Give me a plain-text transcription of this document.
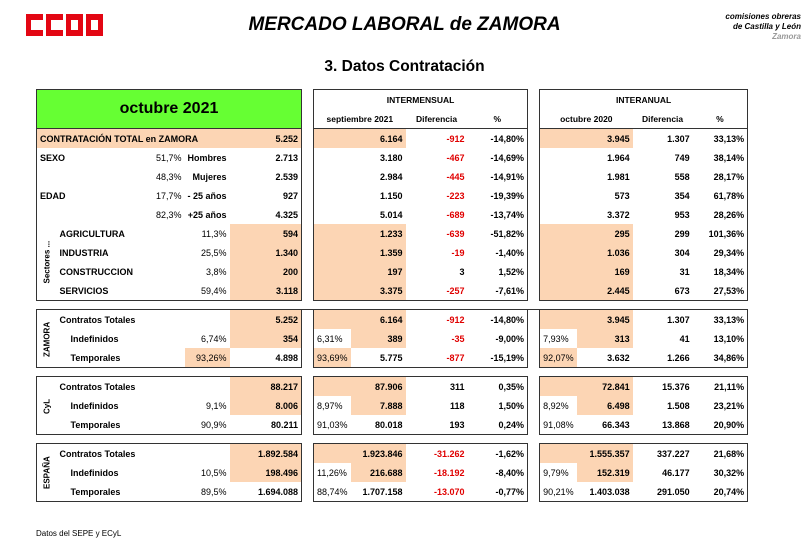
MERCADO LABORAL de ZAMORA	comisiones obreras
de Castilla y León
Zamora
3. Datos Contratación
octubre 2021						INTERMENSUAL					INTERANUAL			
						septiembre 2021		Diferencia	%		octubre 2020		Diferencia	%
CONTRATACIÓN TOTAL en ZAMORA				5.252		6.164		-912	-14,80%		3.945		1.307	33,13%
SEXO		51,7%	Hombres	2.713		3.180		-467	-14,69%		1.964		749	38,14%
		48,3%	Mujeres	2.539		2.984		-445	-14,91%		1.981		558	28,17%
EDAD		17,7%	- 25 años	927		1.150		-223	-19,39%		573		354	61,78%
		82,3%	+25 años	4.325		5.014		-689	-13,74%		3.372		953	28,26%
Sectores ...	AGRICULTURA		11,3%	594		1.233		-639	-51,82%		295		299	101,36%
	INDUSTRIA		25,5%	1.340		1.359		-19	-1,40%		1.036		304	29,34%
	CONSTRUCCION		3,8%	200		197		3	1,52%		169		31	18,34%
	SERVICIOS		59,4%	3.118		3.375		-257	-7,61%		2.445		673	27,53%

ZAMORA	Contratos Totales			5.252		6.164		-912	-14,80%		3.945		1.307	33,13%
	Indefinidos		6,74%	354		6,31%	389	-35	-9,00%		7,93%	313	41	13,10%
	Temporales		93,26%	4.898		93,69%	5.775	-877	-15,19%		92,07%	3.632	1.266	34,86%

CyL	Contratos Totales			88.217		87.906		311	0,35%		72.841		15.376	21,11%
	Indefinidos		9,1%	8.006		8,97%	7.888	118	1,50%		8,92%	6.498	1.508	23,21%
	Temporales		90,9%	80.211		91,03%	80.018	193	0,24%		91,08%	66.343	13.868	20,90%

ESPAÑA	Contratos Totales			1.892.584		1.923.846		-31.262	-1,62%		1.555.357		337.227	21,68%
	Indefinidos		10,5%	198.496		11,26%	216.688	-18.192	-8,40%		9,79%	152.319	46.177	30,32%
	Temporales		89,5%	1.694.088		88,74%	1.707.158	-13.070	-0,77%		90,21%	1.403.038	291.050	20,74%
Datos del SEPE y ECyL
